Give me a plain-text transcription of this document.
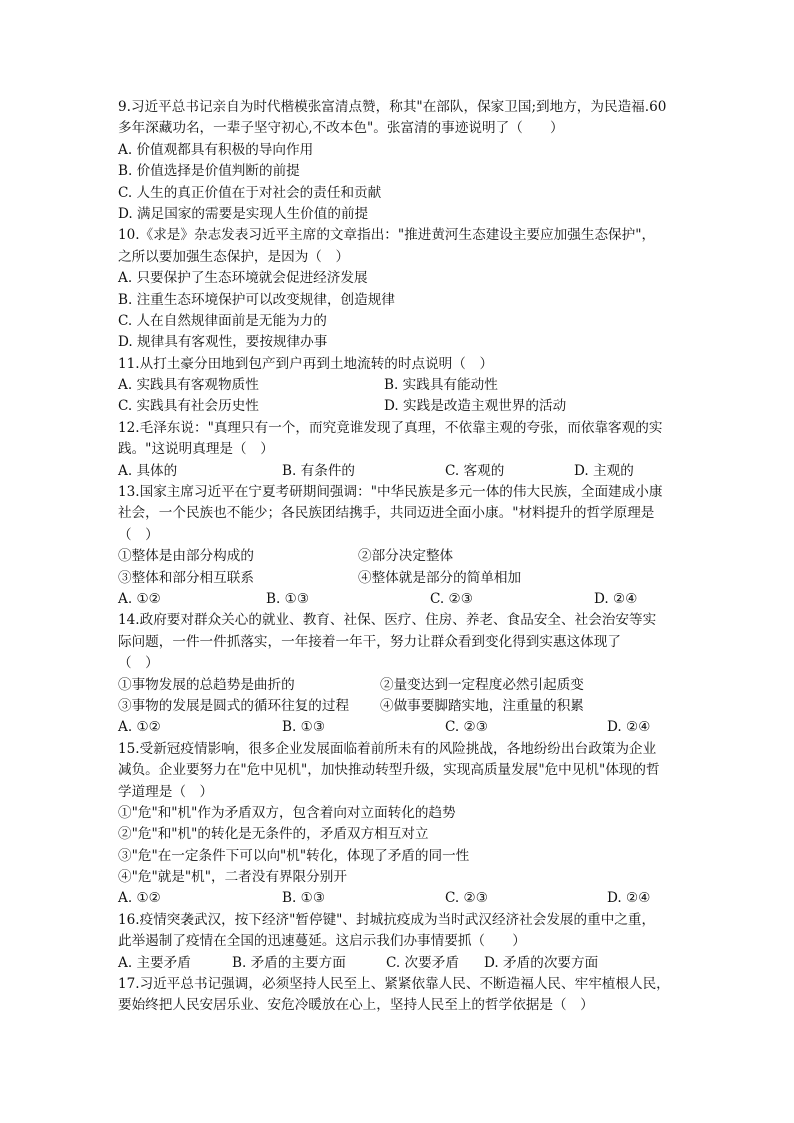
9.习近平总书记亲自为时代楷模张富清点赞，称其"在部队，保家卫国;到地方，为民造福.60
多年深藏功名，一辈子坚守初心,不改本色"。张富清的事迹说明了（　　）
A. 价值观都具有积极的导向作用
B. 价值选择是价值判断的前提
C. 人生的真正价值在于对社会的责任和贡献
D. 满足国家的需要是实现人生价值的前提
10.《求是》杂志发表习近平主席的文章指出："推进黄河生态建设主要应加强生态保护"，
之所以要加强生态保护，是因为（　）
A. 只要保护了生态环境就会促进经济发展
B. 注重生态环境保护可以改变规律，创造规律
C. 人在自然规律面前是无能为力的
D. 规律具有客观性，要按规律办事
11.从打土豪分田地到包产到户再到土地流转的时点说明（　）
A. 实践具有客观物质性	B. 实践具有能动性
C. 实践具有社会历史性	D. 实践是改造主观世界的活动
12.毛泽东说："真理只有一个，而究竟谁发现了真理，不依靠主观的夸张，而依靠客观的实
践。"这说明真理是（　）
A. 具体的	B. 有条件的	C. 客观的	D. 主观的
13.国家主席习近平在宁夏考研期间强调："中华民族是多元一体的伟大民族，全面建成小康
社会，一个民族也不能少；各民族团结携手，共同迈进全面小康。"材料提升的哲学原理是
（　）
①整体是由部分构成的	②部分决定整体
③整体和部分相互联系	④整体就是部分的简单相加
A. ①②	B. ①③	C. ②③	D. ②④
14.政府要对群众关心的就业、教育、社保、医疗、住房、养老、食品安全、社会治安等实
际问题，一件一件抓落实，一年接着一年干，努力让群众看到变化得到实惠这体现了
（　）
①事物发展的总趋势是曲折的	②量变达到一定程度必然引起质变
③事物的发展是圆式的循环往复的过程 ④做事要脚踏实地，注重量的积累
A. ①②	B. ①③	C. ②③	D. ②④
15.受新冠疫情影响，很多企业发展面临着前所未有的风险挑战，各地纷纷出台政策为企业
减负。企业要努力在"危中见机"，加快推动转型升级，实现高质量发展"危中见机"体现的哲
学道理是（　）
①"危"和"机"作为矛盾双方，包含着向对立面转化的趋势
②"危"和"机"的转化是无条件的，矛盾双方相互对立
③"危"在一定条件下可以向"机"转化，体现了矛盾的同一性
④"危"就是"机"，二者没有界限分别开
A. ①②	B. ①③	C. ②③	D. ②④
16.疫情突袭武汉，按下经济"暂停键"、封城抗疫成为当时武汉经济社会发展的重中之重，
此举遏制了疫情在全国的迅速蔓延。这启示我们办事情要抓（　　）
A. 主要矛盾	B. 矛盾的主要方面	C. 次要矛盾 D. 矛盾的次要方面
17.习近平总书记强调，必须坚持人民至上、紧紧依靠人民、不断造福人民、牢牢植根人民，
要始终把人民安居乐业、安危冷暖放在心上，坚持人民至上的哲学依据是（　）
